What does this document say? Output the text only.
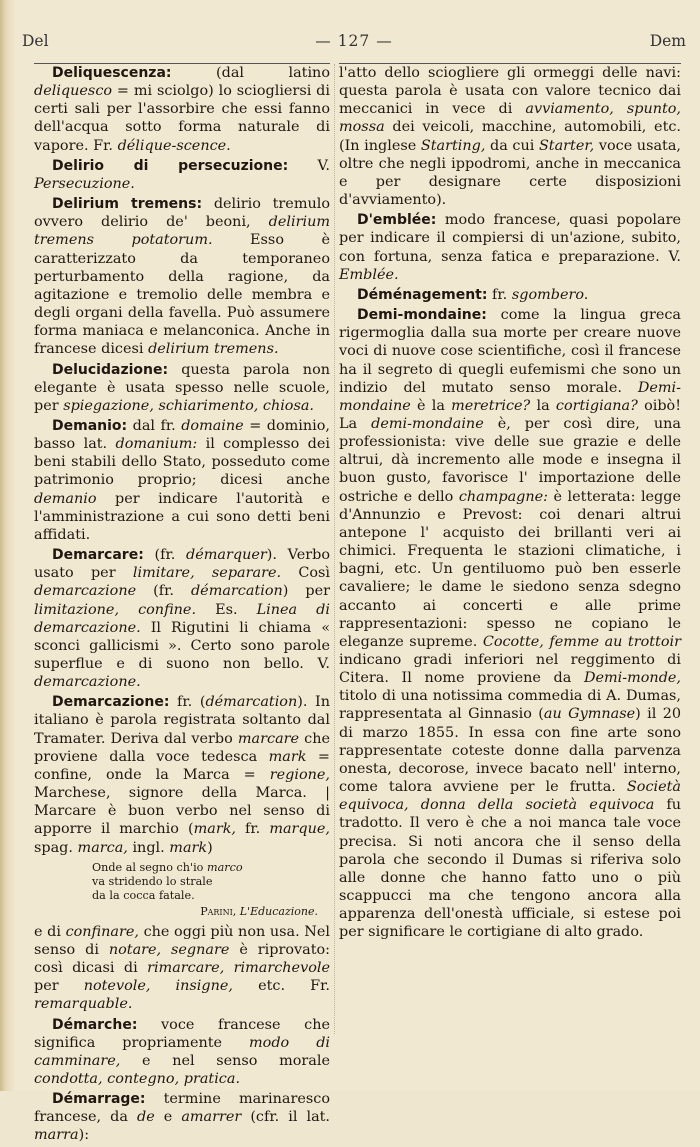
Del	— 127 —	Dem

Deliquescenza: (dal latino deliquesco = mi sciolgo) lo sciogliersi di certi sali per l'assorbire che essi fanno dell'acqua sotto forma naturale di vapore. Fr. délique-scence.

Delirio di persecuzione: V. Persecuzione.

Delirium tremens: delirio tremulo ovvero delirio de' beoni, delirium tremens potatorum. Esso è caratterizzato da temporaneo perturbamento della ragione, da agitazione e tremolio delle membra e degli organi della favella. Può assumere forma maniaca e melanconica. Anche in francese dicesi delirium tremens.

Delucidazione: questa parola non elegante è usata spesso nelle scuole, per spiegazione, schiarimento, chiosa.

Demanio: dal fr. domaine = dominio, basso lat. domanium: il complesso dei beni stabili dello Stato, posseduto come patrimonio proprio; dicesi anche demanio per indicare l'autorità e l'amministrazione a cui sono detti beni affidati.

Demarcare: (fr. démarquer). Verbo usato per limitare, separare. Così demarcazione (fr. démarcation) per limitazione, confine. Es. Linea di demarcazione. Il Rigutini li chiama « sconci gallicismi ». Certo sono parole superflue e di suono non bello. V. demarcazione.

Demarcazione: fr. (démarcation). In italiano è parola registrata soltanto dal Tramater. Deriva dal verbo marcare che proviene dalla voce tedesca mark = confine, onde la Marca = regione, Marchese, signore della Marca. | Marcare è buon verbo nel senso di apporre il marchio (mark, fr. marque, spag. marca, ingl. mark)

Onde al segno ch'io marco
va stridendo lo strale
da la cocca fatale.
Parini, L'Educazione.

e di confinare, che oggi più non usa. Nel senso di notare, segnare è riprovato: così dicasi di rimarcare, rimarchevole per notevole, insigne, etc. Fr. remarquable.

Démarche: voce francese che significa propriamente modo di camminare, e nel senso morale condotta, contegno, pratica.

Démarrage: termine marinaresco francese, da de e amarrer (cfr. il lat. marra):

l'atto dello sciogliere gli ormeggi delle navi: questa parola è usata con valore tecnico dai meccanici in vece di avviamento, spunto, mossa dei veicoli, macchine, automobili, etc. (In inglese Starting, da cui Starter, voce usata, oltre che negli ippodromi, anche in meccanica e per designare certe disposizioni d'avviamento).

D'emblée: modo francese, quasi popolare per indicare il compiersi di un'azione, subito, con fortuna, senza fatica e preparazione. V. Emblée.

Déménagement: fr. sgombero.

Demi-mondaine: come la lingua greca rigermoglia dalla sua morte per creare nuove voci di nuove cose scientifiche, così il francese ha il segreto di quegli eufemismi che sono un indizio del mutato senso morale. Demi-mondaine è la meretrice? la cortigiana? oibò! La demi-mondaine è, per così dire, una professionista: vive delle sue grazie e delle altrui, dà incremento alle mode e insegna il buon gusto, favorisce l' importazione delle ostriche e dello champagne: è letterata: legge d'Annunzio e Prevost: coi denari altrui antepone l' acquisto dei brillanti veri ai chimici. Frequenta le stazioni climatiche, i bagni, etc. Un gentiluomo può ben esserle cavaliere; le dame le siedono senza sdegno accanto ai concerti e alle prime rappresentazioni: spesso ne copiano le eleganze supreme. Cocotte, femme au trottoir indicano gradi inferiori nel reggimento di Citera. Il nome proviene da Demi-monde, titolo di una notissima commedia di A. Dumas, rappresentata al Ginnasio (au Gymnase) il 20 di marzo 1855. In essa con fine arte sono rappresentate coteste donne dalla parvenza onesta, decorose, invece bacato nell' interno, come talora avviene per le frutta. Società equivoca, donna della società equivoca fu tradotto. Il vero è che a noi manca tale voce precisa. Si noti ancora che il senso della parola che secondo il Dumas si riferiva solo alle donne che hanno fatto uno o più scappucci ma che tengono ancora alla apparenza dell'onestà ufficiale, si estese poi per significare le cortigiane di alto grado.
